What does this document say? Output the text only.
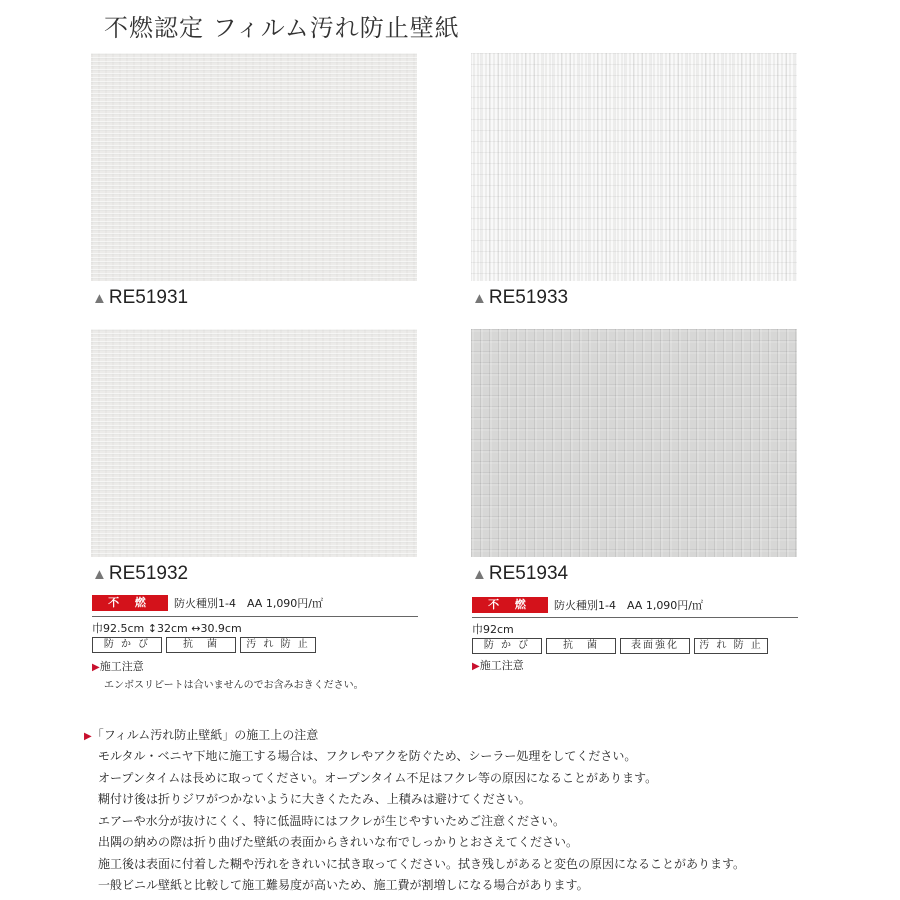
不燃認定 フィルム汚れ防止壁紙
▲ RE51931	▲ RE51933
▲ RE51932	▲ RE51934
不 燃 防火種別1-4　AA 1,090円/㎡
巾92.5cm ↕32cm ↔30.9cm
防 か び	抗　菌	汚 れ 防 止
▶施工注意
エンボスリピートは合いませんのでお含みおきください。
不 燃 防火種別1-4　AA 1,090円/㎡
巾92cm
防 か び	抗　菌	表面強化	汚 れ 防 止
▶施工注意
▶「フィルム汚れ防止壁紙」の施工上の注意
モルタル・ベニヤ下地に施工する場合は、フクレやアクを防ぐため、シーラー処理をしてください。
オープンタイムは長めに取ってください。オープンタイム不足はフクレ等の原因になることがあります。
糊付け後は折りジワがつかないように大きくたたみ、上積みは避けてください。
エアーや水分が抜けにくく、特に低温時にはフクレが生じやすいためご注意ください。
出隅の納めの際は折り曲げた壁紙の表面からきれいな布でしっかりとおさえてください。
施工後は表面に付着した糊や汚れをきれいに拭き取ってください。拭き残しがあると変色の原因になることがあります。
一般ビニル壁紙と比較して施工難易度が高いため、施工費が割増しになる場合があります。
